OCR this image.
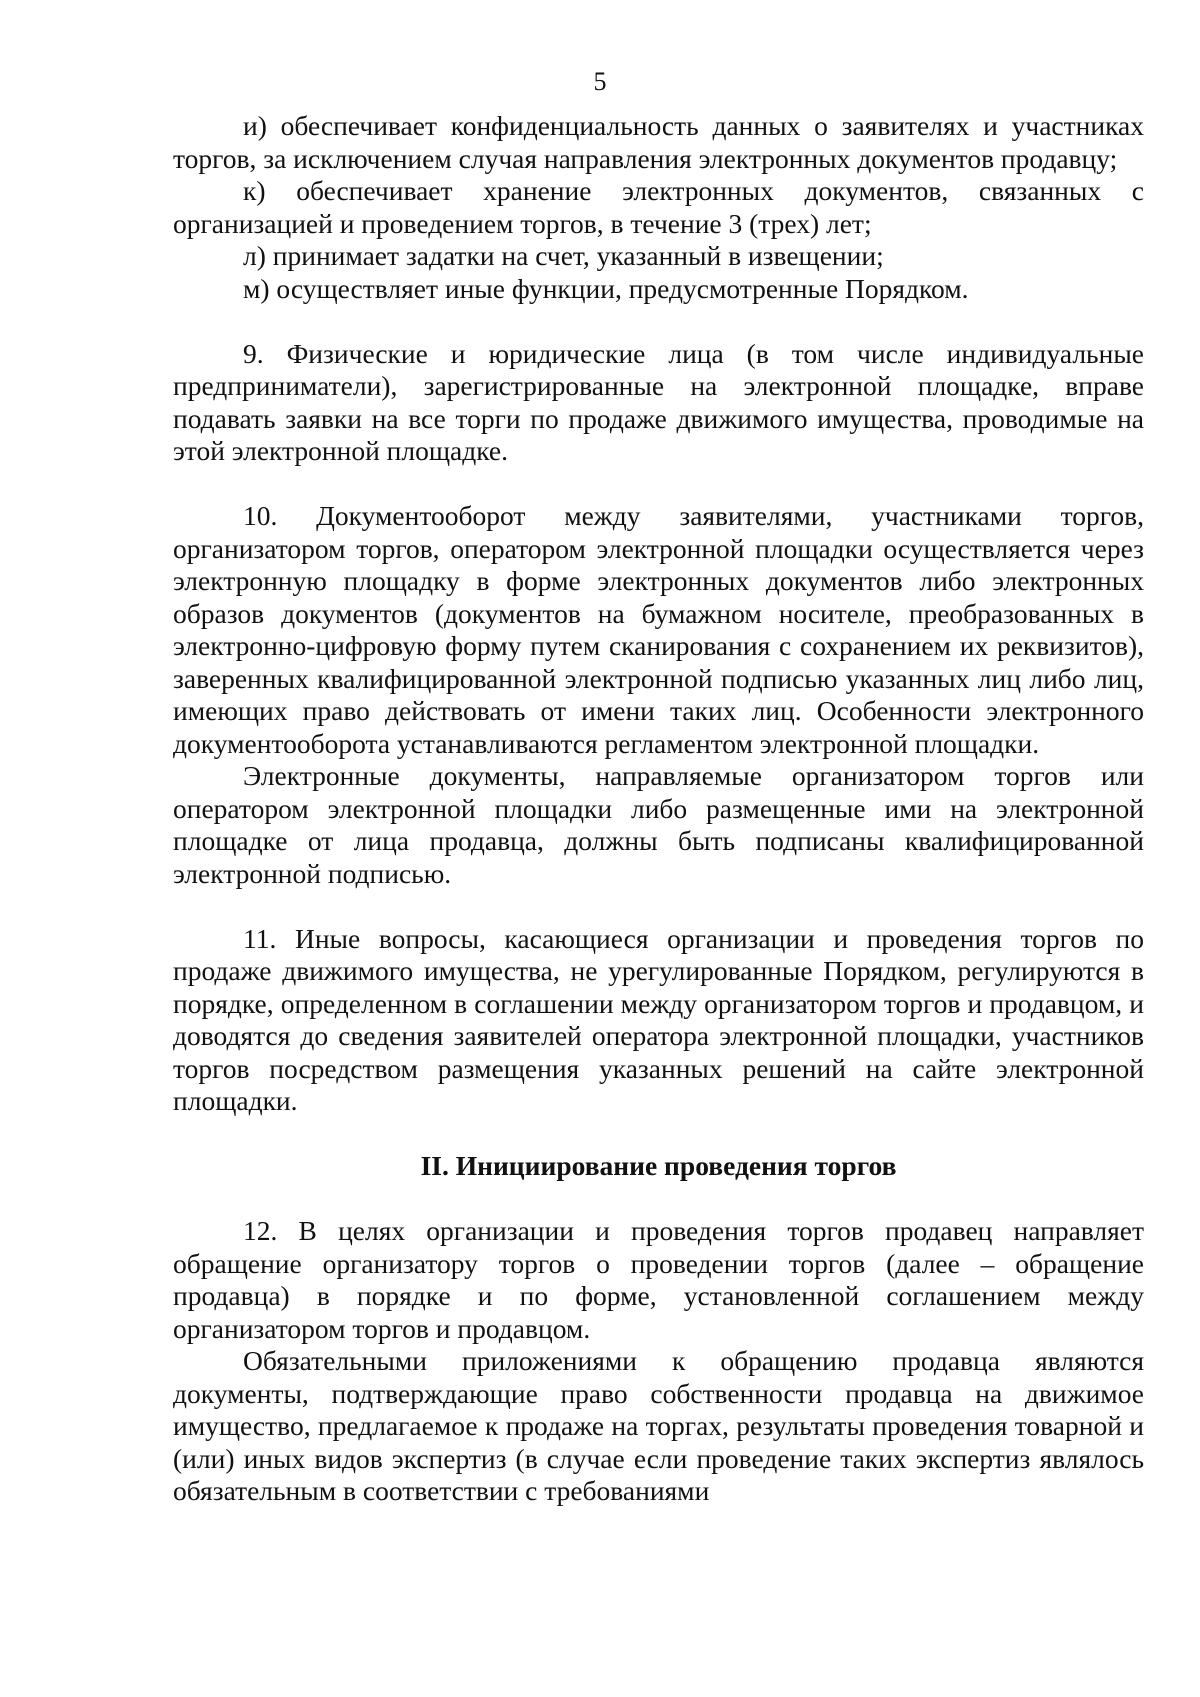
5

и) обеспечивает конфиденциальность данных о заявителях и участниках торгов, за исключением случая направления электронных документов продавцу;

к) обеспечивает хранение электронных документов, связанных с организацией и проведением торгов, в течение 3 (трех) лет;

л) принимает задатки на счет, указанный в извещении;

м) осуществляет иные функции, предусмотренные Порядком.

9. Физические и юридические лица (в том числе индивидуальные предприниматели), зарегистрированные на электронной площадке, вправе подавать заявки на все торги по продаже движимого имущества, проводимые на этой электронной площадке.

10. Документооборот между заявителями, участниками торгов, организатором торгов, оператором электронной площадки осуществляется через электронную площадку в форме электронных документов либо электронных образов документов (документов на бумажном носителе, преобразованных в электронно-цифровую форму путем сканирования с сохранением их реквизитов), заверенных квалифицированной электронной подписью указанных лиц либо лиц, имеющих право действовать от имени таких лиц. Особенности электронного документооборота устанавливаются регламентом электронной площадки.

Электронные документы, направляемые организатором торгов или оператором электронной площадки либо размещенные ими на электронной площадке от лица продавца, должны быть подписаны квалифицированной электронной подписью.

11. Иные вопросы, касающиеся организации и проведения торгов по продаже движимого имущества, не урегулированные Порядком, регулируются в порядке, определенном в соглашении между организатором торгов и продавцом, и доводятся до сведения заявителей оператора электронной площадки, участников торгов посредством размещения указанных решений на сайте электронной площадки.

II. Инициирование проведения торгов

12. В целях организации и проведения торгов продавец направляет обращение организатору торгов о проведении торгов (далее – обращение продавца) в порядке и по форме, установленной соглашением между организатором торгов и продавцом.

Обязательными приложениями к обращению продавца являются документы, подтверждающие право собственности продавца на движимое имущество, предлагаемое к продаже на торгах, результаты проведения товарной и (или) иных видов экспертиз (в случае если проведение таких экспертиз являлось обязательным в соответствии с требованиями
